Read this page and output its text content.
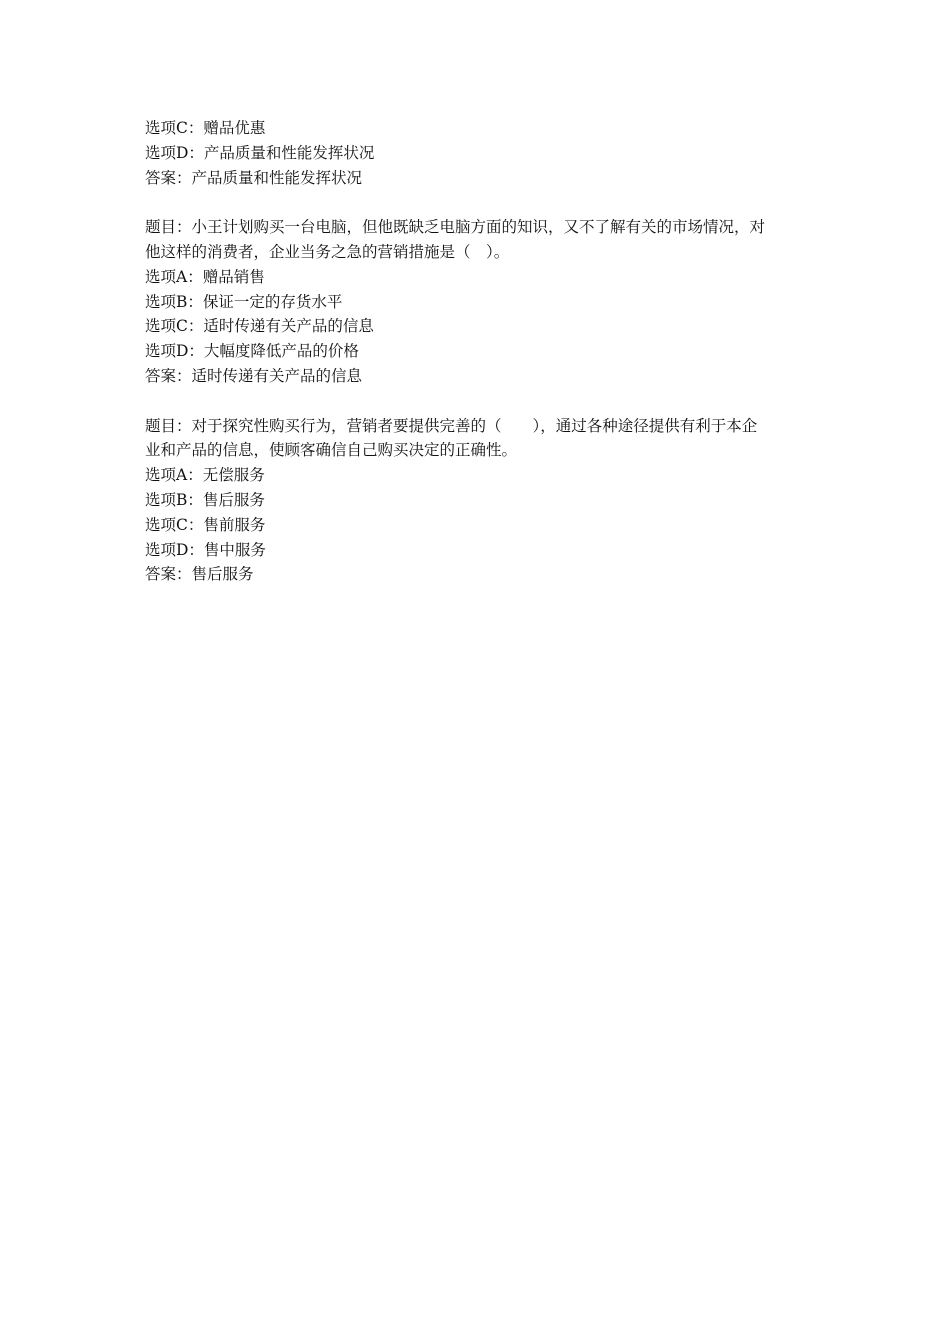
选项C：赠品优惠
选项D：产品质量和性能发挥状况
答案：产品质量和性能发挥状况
题目：小王计划购买一台电脑，但他既缺乏电脑方面的知识，又不了解有关的市场情况，对
他这样的消费者，企业当务之急的营销措施是（　）。
选项A：赠品销售
选项B：保证一定的存货水平
选项C：适时传递有关产品的信息
选项D：大幅度降低产品的价格
答案：适时传递有关产品的信息
题目：对于探究性购买行为，营销者要提供完善的（　　），通过各种途径提供有利于本企
业和产品的信息，使顾客确信自己购买决定的正确性。
选项A：无偿服务
选项B：售后服务
选项C：售前服务
选项D：售中服务
答案：售后服务
